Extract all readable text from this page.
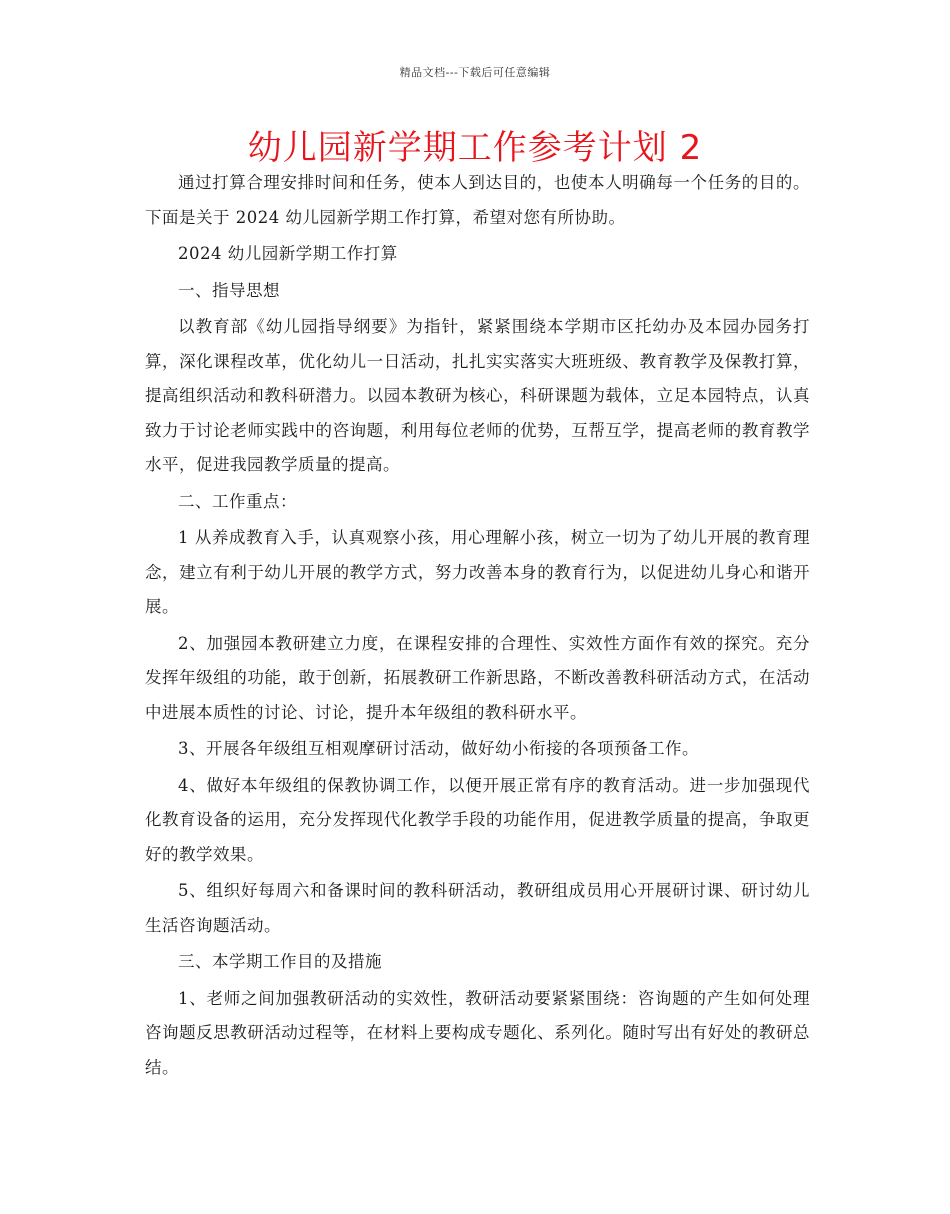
精品文档---下载后可任意编辑
幼儿园新学期工作参考计划 2

通过打算合理安排时间和任务，使本人到达目的，也使本人明确每一个任务的目的。下面是关于 2024 幼儿园新学期工作打算，希望对您有所协助。

2024 幼儿园新学期工作打算

一、指导思想

以教育部《幼儿园指导纲要》为指针，紧紧围绕本学期市区托幼办及本园办园务打算，深化课程改革，优化幼儿一日活动，扎扎实实落实大班班级、教育教学及保教打算，提高组织活动和教科研潜力。以园本教研为核心，科研课题为载体，立足本园特点，认真致力于讨论老师实践中的咨询题，利用每位老师的优势，互帮互学，提高老师的教育教学水平，促进我园教学质量的提高。

二、工作重点：

1 从养成教育入手，认真观察小孩，用心理解小孩，树立一切为了幼儿开展的教育理念，建立有利于幼儿开展的教学方式，努力改善本身的教育行为，以促进幼儿身心和谐开展。

2、加强园本教研建立力度，在课程安排的合理性、实效性方面作有效的探究。充分发挥年级组的功能，敢于创新，拓展教研工作新思路，不断改善教科研活动方式，在活动中进展本质性的讨论、讨论，提升本年级组的教科研水平。

3、开展各年级组互相观摩研讨活动，做好幼小衔接的各项预备工作。

4、做好本年级组的保教协调工作，以便开展正常有序的教育活动。进一步加强现代化教育设备的运用，充分发挥现代化教学手段的功能作用，促进教学质量的提高，争取更好的教学效果。

5、组织好每周六和备课时间的教科研活动，教研组成员用心开展研讨课、研讨幼儿生活咨询题活动。

三、本学期工作目的及措施

1、老师之间加强教研活动的实效性，教研活动要紧紧围绕：咨询题的产生如何处理咨询题反思教研活动过程等，在材料上要构成专题化、系列化。随时写出有好处的教研总结。
